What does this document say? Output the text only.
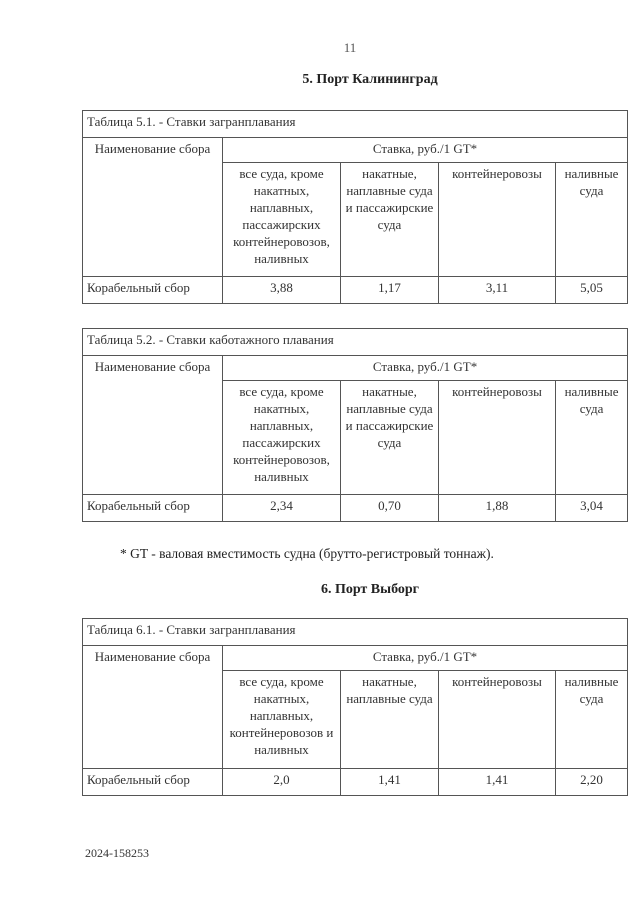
11
5. Порт Калининград
Таблица 5.1. - Ставки загранплавания				
Наименование сбора	Ставка, руб./1 GT*			
	все суда, кроме накатных, наплавных, пассажирских контейнеровозов, наливных	накатные, наплавные суда и пассажирские суда	контейнеровозы	наливные суда
Корабельный сбор	3,88	1,17	3,11	5,05
Таблица 5.2. - Ставки каботажного плавания				
Наименование сбора	Ставка, руб./1 GT*			
	все суда, кроме накатных, наплавных, пассажирских контейнеровозов, наливных	накатные, наплавные суда и пассажирские суда	контейнеровозы	наливные суда
Корабельный сбор	2,34	0,70	1,88	3,04
* GT - валовая вместимость судна (брутто-регистровый тоннаж).
6. Порт Выборг
Таблица 6.1. - Ставки загранплавания				
Наименование сбора	Ставка, руб./1 GT*			
	все суда, кроме накатных, наплавных, контейнеровозов и наливных	накатные, наплавные суда	контейнеровозы	наливные суда
Корабельный сбор	2,0	1,41	1,41	2,20
2024-158253
